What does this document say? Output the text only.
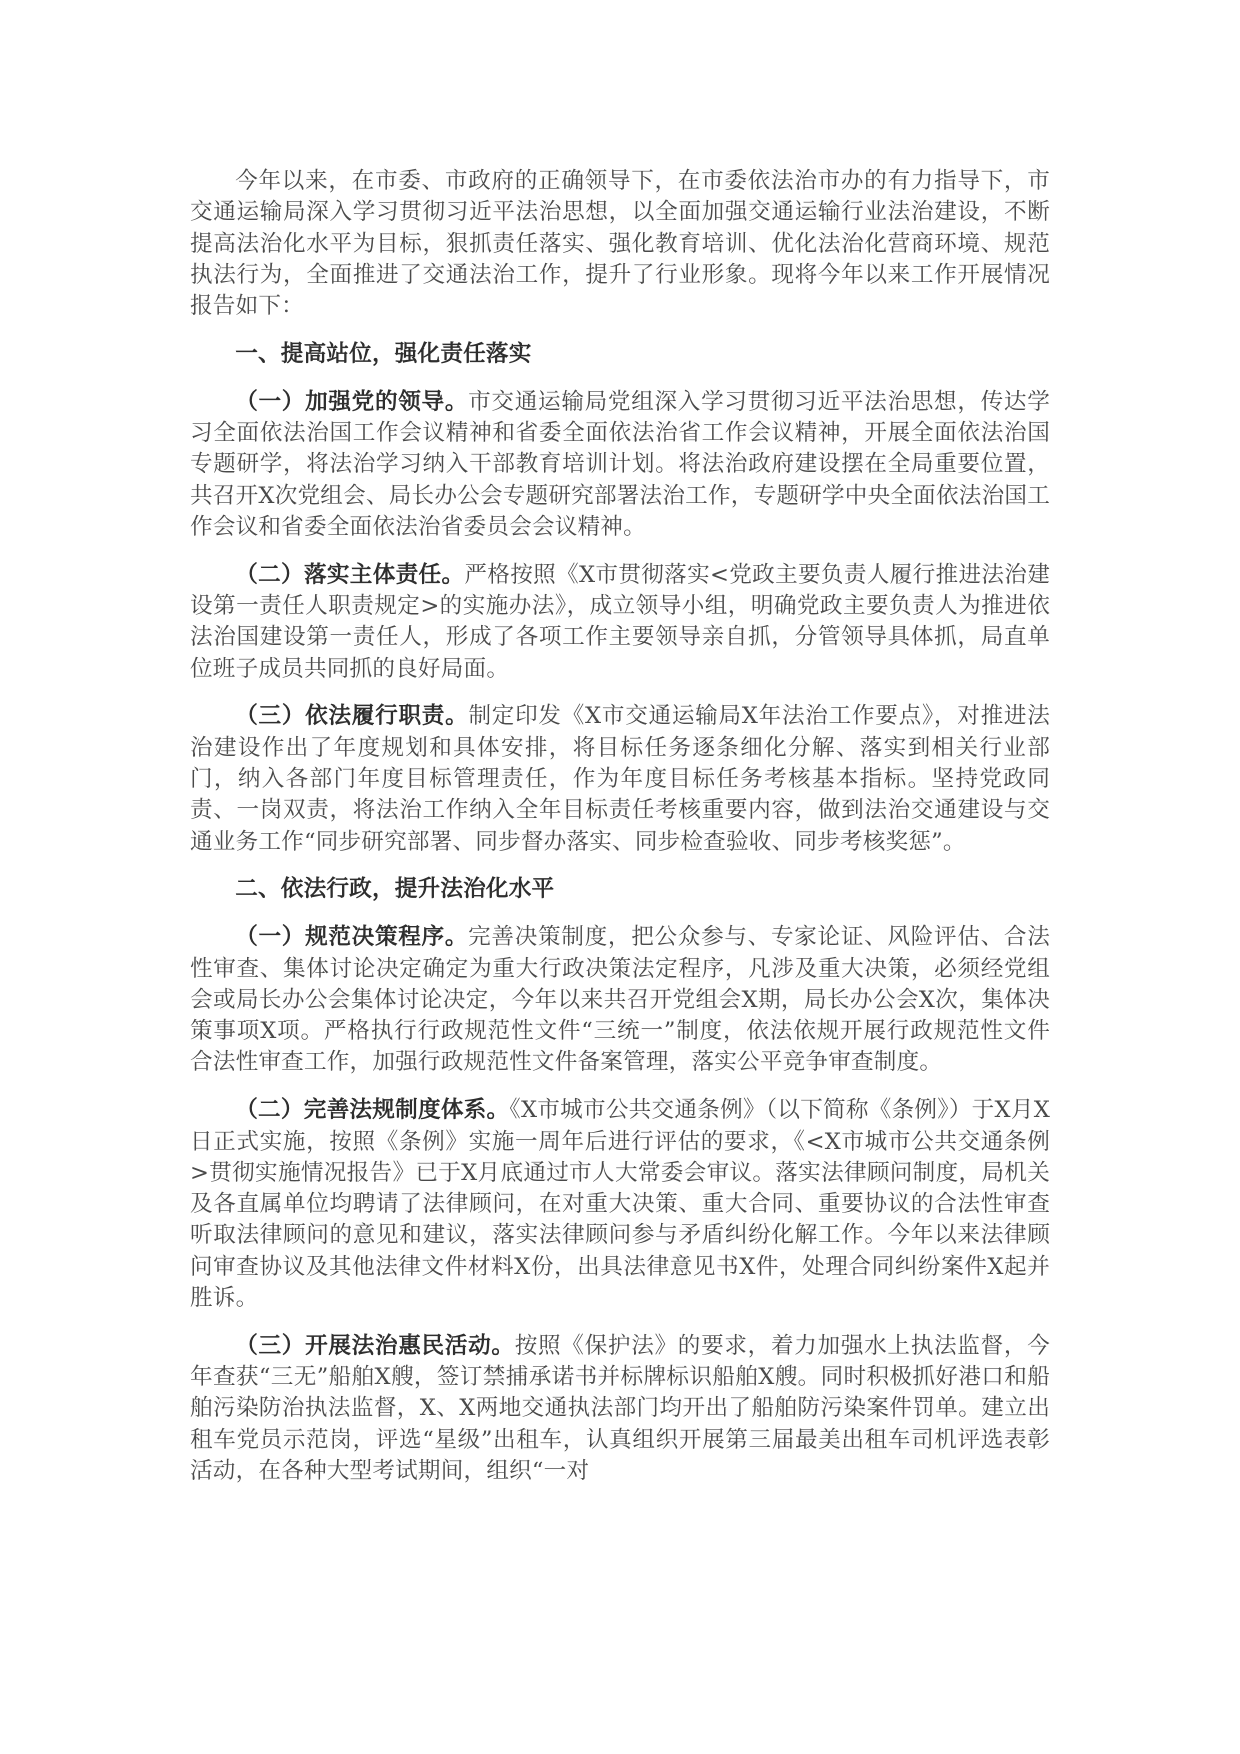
今年以来，在市委、市政府的正确领导下，在市委依法治市办的有力指导下，市交通运输局深入学习贯彻习近平法治思想，以全面加强交通运输行业法治建设，不断提高法治化水平为目标，狠抓责任落实、强化教育培训、优化法治化营商环境、规范执法行为，全面推进了交通法治工作，提升了行业形象。现将今年以来工作开展情况报告如下：

一、提高站位，强化责任落实

（一）加强党的领导。市交通运输局党组深入学习贯彻习近平法治思想，传达学习全面依法治国工作会议精神和省委全面依法治省工作会议精神，开展全面依法治国专题研学，将法治学习纳入干部教育培训计划。将法治政府建设摆在全局重要位置，共召开X次党组会、局长办公会专题研究部署法治工作，专题研学中央全面依法治国工作会议和省委全面依法治省委员会会议精神。

（二）落实主体责任。严格按照《X市贯彻落实<党政主要负责人履行推进法治建设第一责任人职责规定>的实施办法》，成立领导小组，明确党政主要负责人为推进依法治国建设第一责任人，形成了各项工作主要领导亲自抓，分管领导具体抓，局直单位班子成员共同抓的良好局面。

（三）依法履行职责。制定印发《X市交通运输局X年法治工作要点》，对推进法治建设作出了年度规划和具体安排，将目标任务逐条细化分解、落实到相关行业部门，纳入各部门年度目标管理责任，作为年度目标任务考核基本指标。坚持党政同责、一岗双责，将法治工作纳入全年目标责任考核重要内容，做到法治交通建设与交通业务工作“同步研究部署、同步督办落实、同步检查验收、同步考核奖惩”。

二、依法行政，提升法治化水平

（一）规范决策程序。完善决策制度，把公众参与、专家论证、风险评估、合法性审查、集体讨论决定确定为重大行政决策法定程序，凡涉及重大决策，必须经党组会或局长办公会集体讨论决定，今年以来共召开党组会X期，局长办公会X次，集体决策事项X项。严格执行行政规范性文件“三统一”制度，依法依规开展行政规范性文件合法性审查工作，加强行政规范性文件备案管理，落实公平竞争审查制度。

（二）完善法规制度体系。《X市城市公共交通条例》（以下简称《条例》）于X月X日正式实施，按照《条例》实施一周年后进行评估的要求，《<X市城市公共交通条例>贯彻实施情况报告》已于X月底通过市人大常委会审议。落实法律顾问制度，局机关及各直属单位均聘请了法律顾问，在对重大决策、重大合同、重要协议的合法性审查听取法律顾问的意见和建议，落实法律顾问参与矛盾纠纷化解工作。今年以来法律顾问审查协议及其他法律文件材料X份，出具法律意见书X件，处理合同纠纷案件X起并胜诉。

（三）开展法治惠民活动。按照《保护法》的要求，着力加强水上执法监督，今年查获“三无”船舶X艘，签订禁捕承诺书并标牌标识船舶X艘。同时积极抓好港口和船舶污染防治执法监督，X、X两地交通执法部门均开出了船舶防污染案件罚单。建立出租车党员示范岗，评选“星级”出租车，认真组织开展第三届最美出租车司机评选表彰活动，在各种大型考试期间，组织“一对
